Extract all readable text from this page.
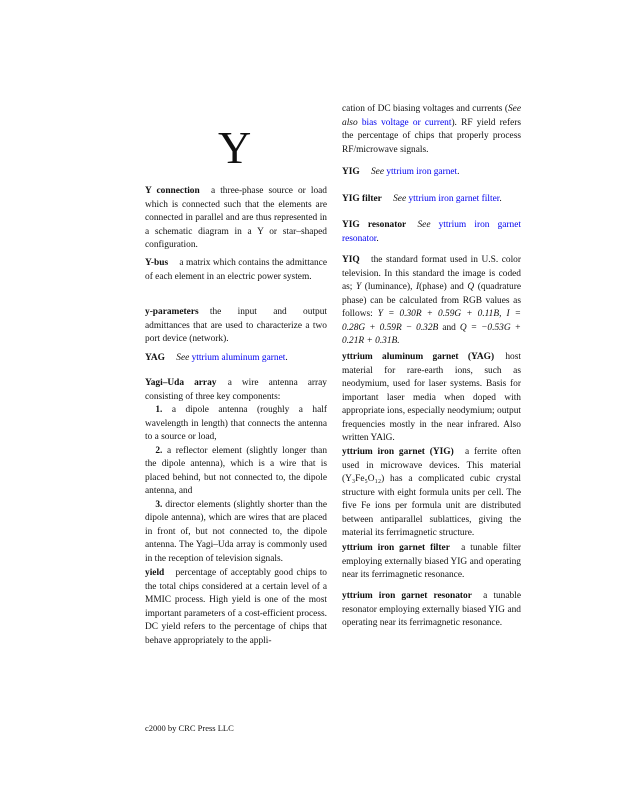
Y
Y connection a three-phase source or load which is connected such that the elements are connected in parallel and are thus represented in a schematic diagram in a Y or star–shaped configuration.
Y-bus a matrix which contains the admittance of each element in an electric power system.
y-parameters the input and output admittances that are used to characterize a two port device (network).
YAG See yttrium aluminum garnet.
Yagi–Uda array a wire antenna array consisting of three key components:
1. a dipole antenna (roughly a half wavelength in length) that connects the antenna to a source or load,
2. a reflector element (slightly longer than the dipole antenna), which is a wire that is placed behind, but not connected to, the dipole antenna, and
3. director elements (slightly shorter than the dipole antenna), which are wires that are placed in front of, but not connected to, the dipole antenna. The Yagi–Uda array is commonly used in the reception of television signals.
yield percentage of acceptably good chips to the total chips considered at a certain level of a MMIC process. High yield is one of the most important parameters of a cost-efficient process. DC yield refers to the percentage of chips that behave appropriately to the appli-
cation of DC biasing voltages and currents (See also bias voltage or current). RF yield refers the percentage of chips that properly process RF/microwave signals.
YIG See yttrium iron garnet.
YIG filter See yttrium iron garnet filter.
YIG resonator See yttrium iron garnet resonator.
YIQ the standard format used in U.S. color television. In this standard the image is coded as; Y (luminance), I(phase) and Q (quadrature phase) can be calculated from RGB values as follows: Y = 0.30R + 0.59G + 0.11B, I = 0.28G + 0.59R − 0.32B and Q = −0.53G + 0.21R + 0.31B.
yttrium aluminum garnet (YAG) host material for rare-earth ions, such as neodymium, used for laser systems. Basis for important laser media when doped with appropriate ions, especially neodymium; output frequencies mostly in the near infrared. Also written YAlG.
yttrium iron garnet (YIG) a ferrite often used in microwave devices. This material (Y₃Fe₅O₁₂) has a complicated cubic crystal structure with eight formula units per cell. The five Fe ions per formula unit are distributed between antiparallel sublattices, giving the material its ferrimagnetic structure.
yttrium iron garnet filter a tunable filter employing externally biased YIG and operating near its ferrimagnetic resonance.
yttrium iron garnet resonator a tunable resonator employing externally biased YIG and operating near its ferrimagnetic resonance.
c2000 by CRC Press LLC
